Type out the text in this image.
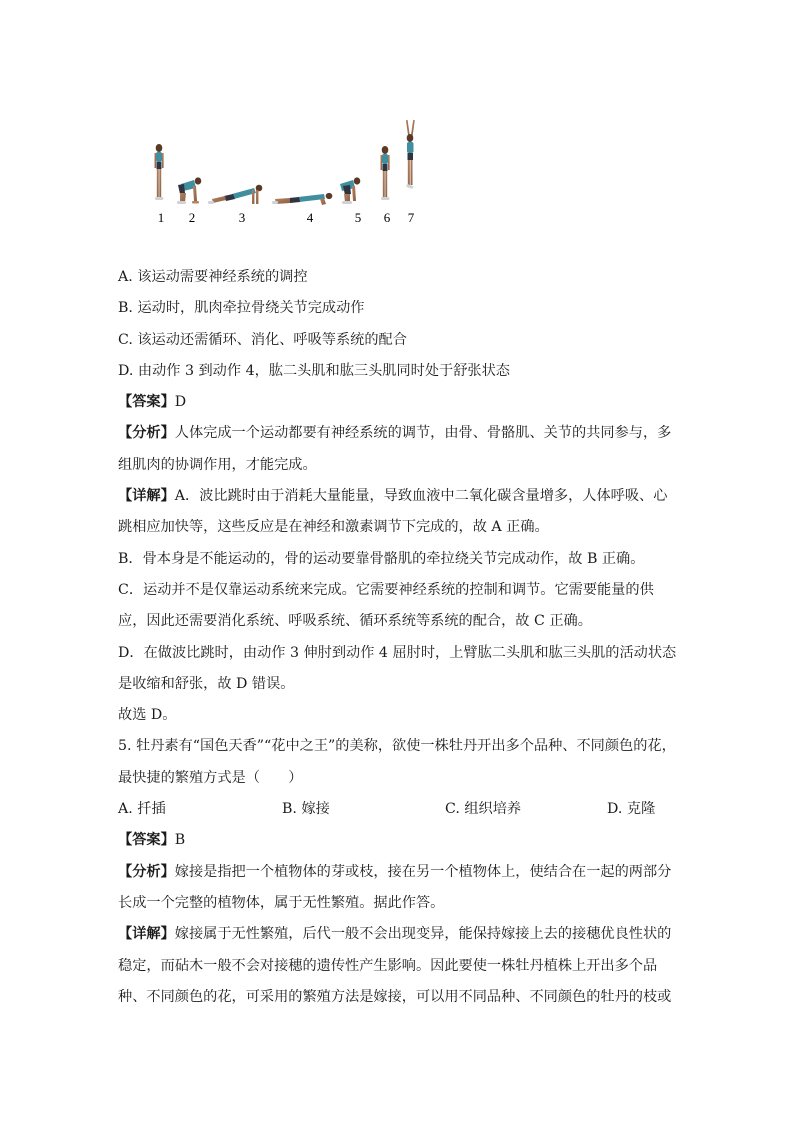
1 2	3	4	5 6 7
A. 该运动需要神经系统的调控
B. 运动时，肌肉牵拉骨绕关节完成动作
C. 该运动还需循环、消化、呼吸等系统的配合
D. 由动作 3 到动作 4，肱二头肌和肱三头肌同时处于舒张状态
【答案】D
【分析】人体完成一个运动都要有神经系统的调节，由骨、骨骼肌、关节的共同参与，多
组肌肉的协调作用，才能完成。
【详解】A．波比跳时由于消耗大量能量，导致血液中二氧化碳含量增多，人体呼吸、心
跳相应加快等，这些反应是在神经和激素调节下完成的，故 A 正确。
B．骨本身是不能运动的，骨的运动要靠骨骼肌的牵拉绕关节完成动作，故 B 正确。
C．运动并不是仅靠运动系统来完成。它需要神经系统的控制和调节。它需要能量的供
应，因此还需要消化系统、呼吸系统、循环系统等系统的配合，故 C 正确。
D．在做波比跳时，由动作 3 伸肘到动作 4 屈肘时，上臂肱二头肌和肱三头肌的活动状态
是收缩和舒张，故 D 错误。
故选 D。
5. 牡丹素有“国色天香”“花中之王”的美称，欲使一株牡丹开出多个品种、不同颜色的花，
最快捷的繁殖方式是（　　）
A. 扦插	B. 嫁接	C. 组织培养	D. 克隆
【答案】B
【分析】嫁接是指把一个植物体的芽或枝，接在另一个植物体上，使结合在一起的两部分
长成一个完整的植物体，属于无性繁殖。据此作答。
【详解】嫁接属于无性繁殖，后代一般不会出现变异，能保持嫁接上去的接穗优良性状的
稳定，而砧木一般不会对接穗的遗传性产生影响。因此要使一株牡丹植株上开出多个品
种、不同颜色的花，可采用的繁殖方法是嫁接，可以用不同品种、不同颜色的牡丹的枝或
